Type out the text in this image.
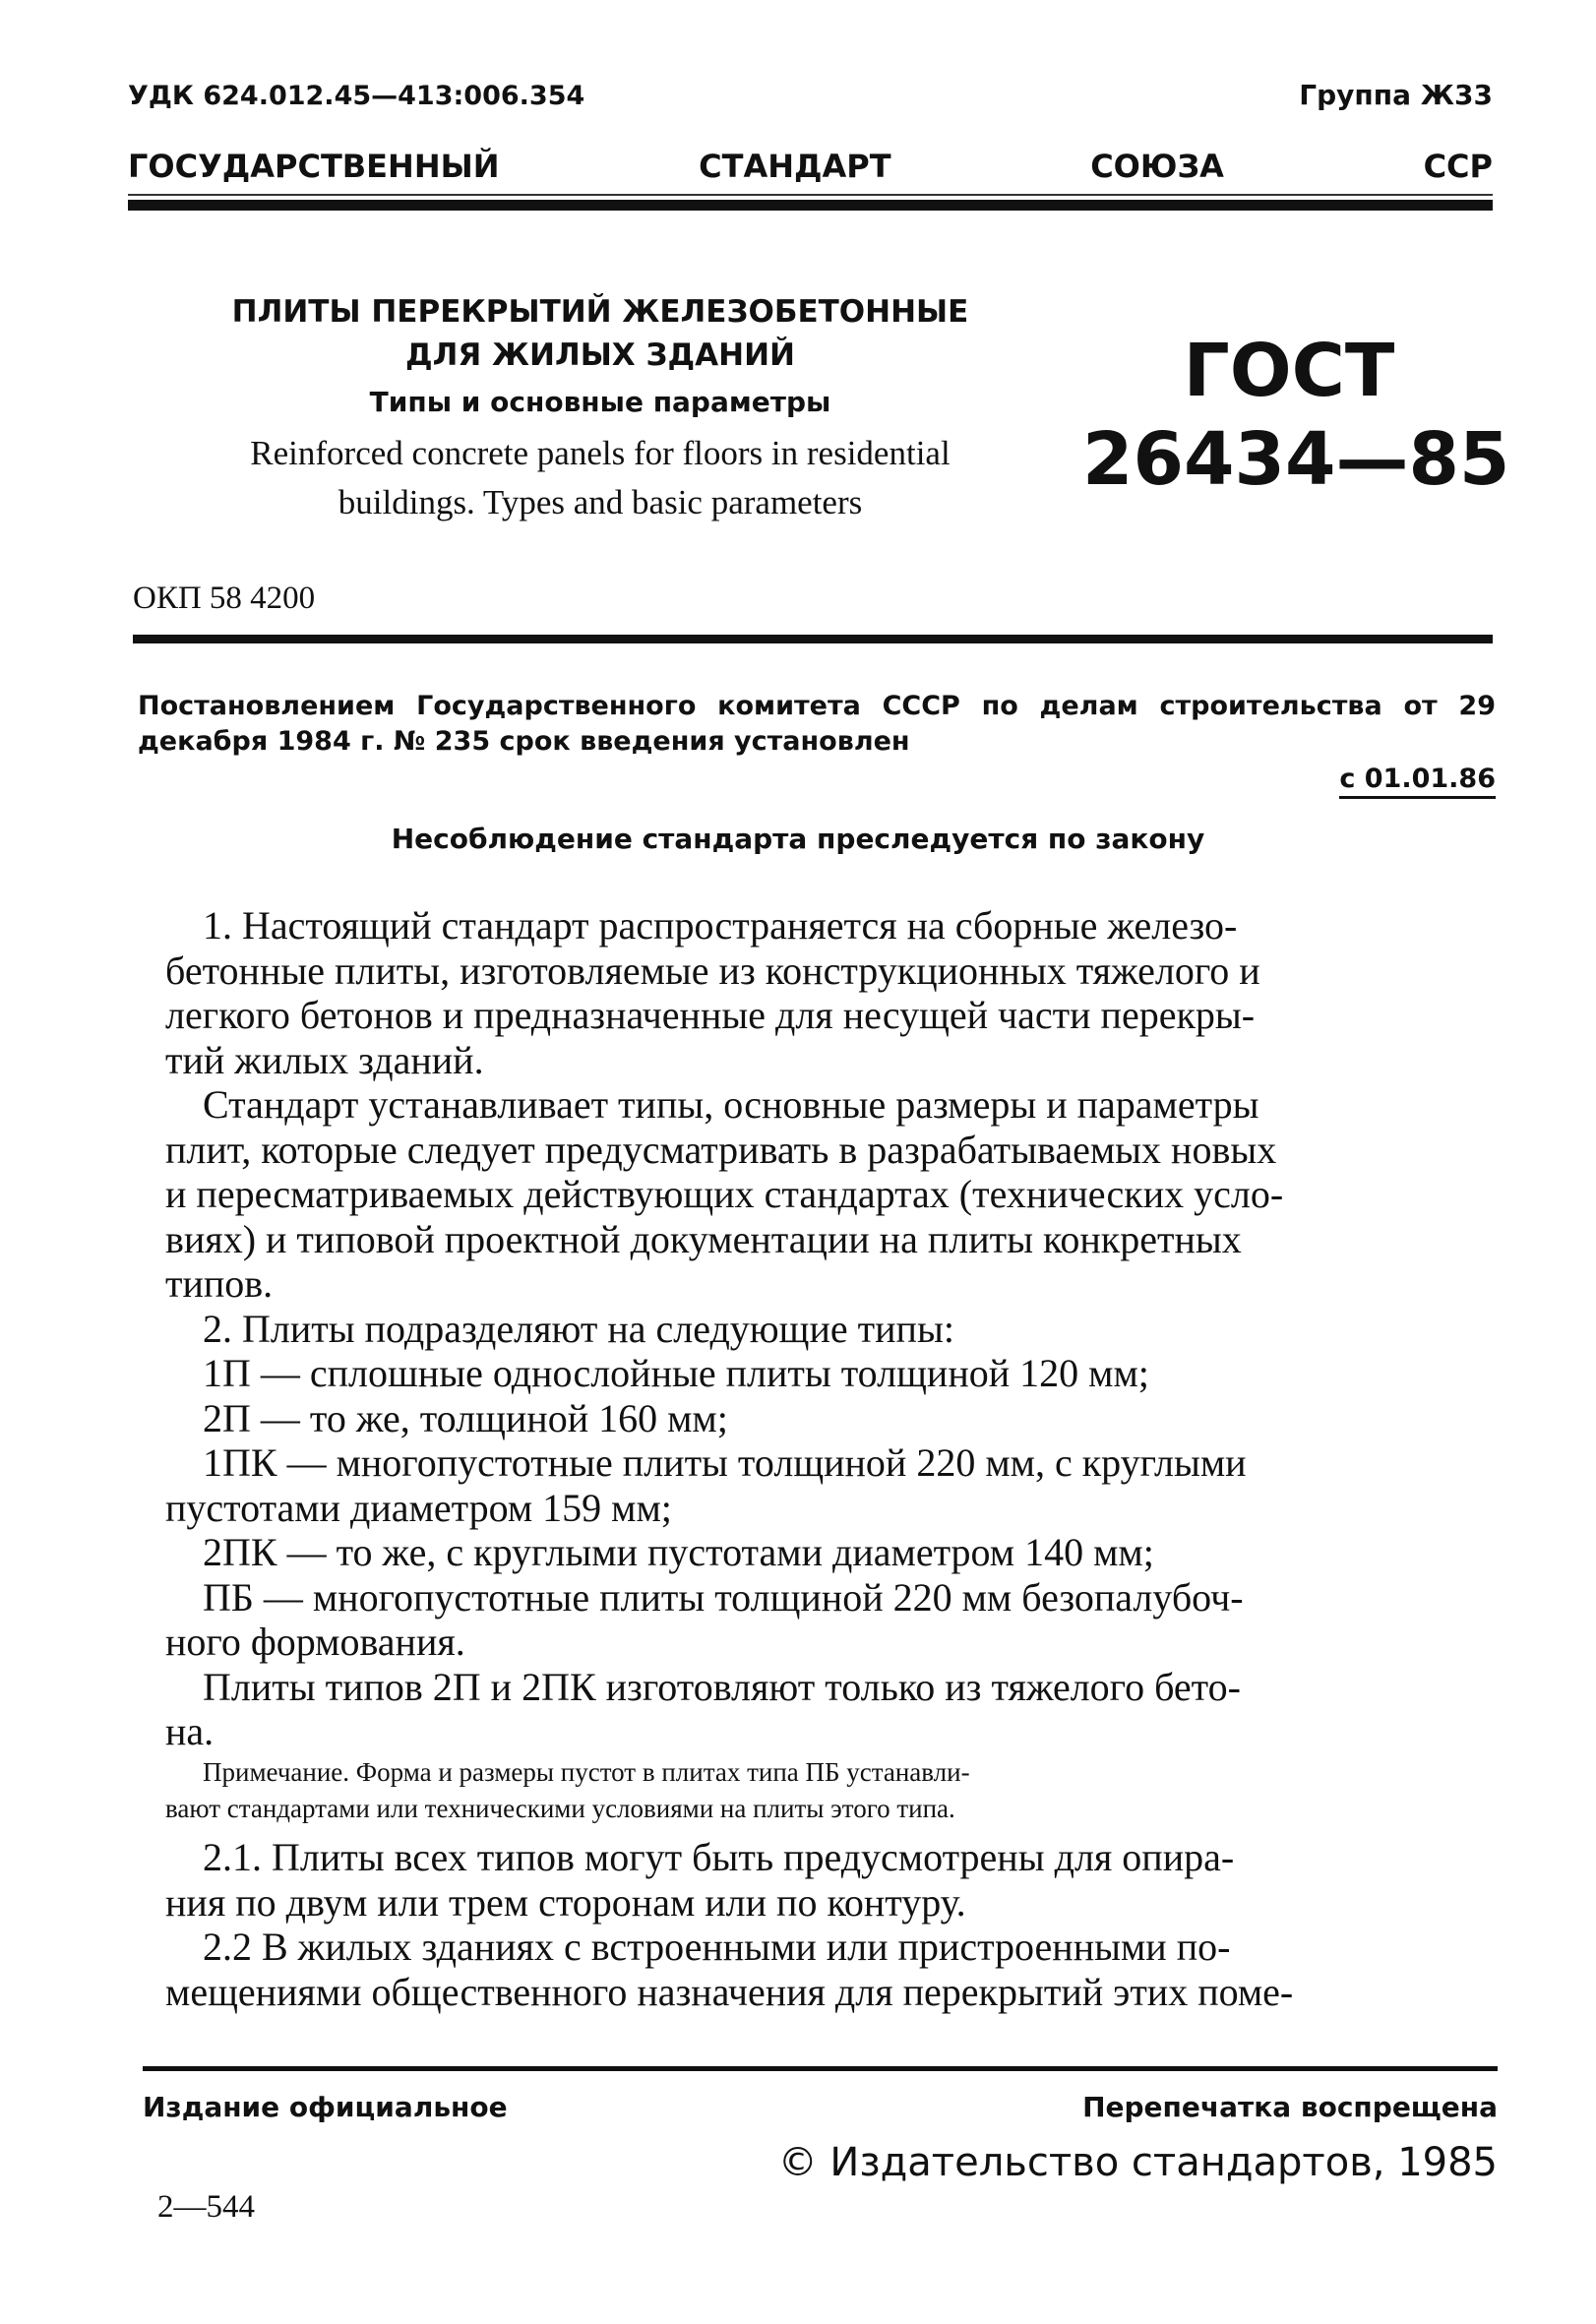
УДК 624.012.45—413:006.354	Группа Ж33
ГОСУДАРСТВЕННЫЙ	СТАНДАРТ	СОЮЗА	ССР
ПЛИТЫ ПЕРЕКРЫТИЙ ЖЕЛЕЗОБЕТОННЫЕ
ДЛЯ ЖИЛЫХ ЗДАНИЙ
Типы и основные параметры
Reinforced concrete panels for floors in residential
buildings. Types and basic parameters
ГОСТ
26434—85
ОКП 58 4200
Постановлением Государственного комитета СССР по делам строительства от 29 декабря 1984 г. № 235 срок введения установлен
с 01.01.86
Несоблюдение стандарта преследуется по закону
1. Настоящий стандарт распространяется на сборные железо-
бетонные плиты, изготовляемые из конструкционных тяжелого и
легкого бетонов и предназначенные для несущей части перекры-
тий жилых зданий.
Стандарт устанавливает типы, основные размеры и параметры
плит, которые следует предусматривать в разрабатываемых новых
и пересматриваемых действующих стандартах (технических усло-
виях) и типовой проектной документации на плиты конкретных
типов.
2. Плиты подразделяют на следующие типы:
1П — сплошные однослойные плиты толщиной 120 мм;
2П — то же, толщиной 160 мм;
1ПК — многопустотные плиты толщиной 220 мм, с круглыми
пустотами диаметром 159 мм;
2ПК — то же, с круглыми пустотами диаметром 140 мм;
ПБ — многопустотные плиты толщиной 220 мм безопалубоч-
ного формования.
Плиты типов 2П и 2ПК изготовляют только из тяжелого бето-
на.
Примечание. Форма и размеры пустот в плитах типа ПБ устанавли-
вают стандартами или техническими условиями на плиты этого типа.
2.1. Плиты всех типов могут быть предусмотрены для опира-
ния по двум или трем сторонам или по контуру.
2.2 В жилых зданиях с встроенными или пристроенными по-
мещениями общественного назначения для перекрытий этих поме-
Издание официальное	Перепечатка воспрещена
© Издательство стандартов, 1985
2—544
